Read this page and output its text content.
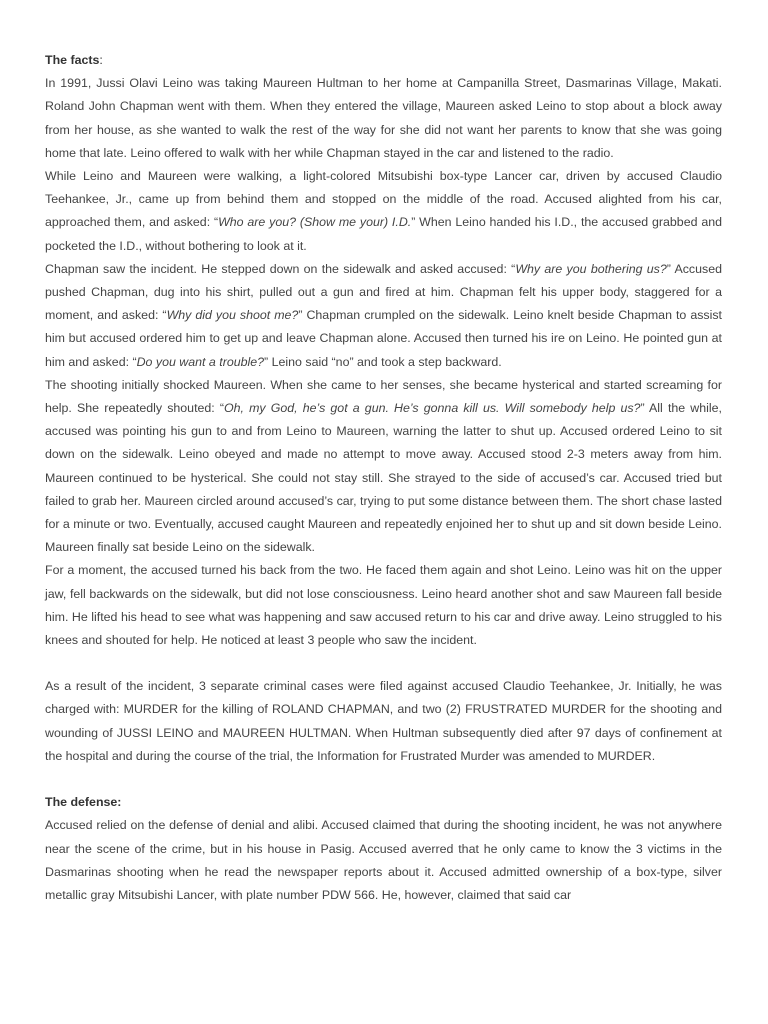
The facts:

In 1991, Jussi Olavi Leino was taking Maureen Hultman to her home at Campanilla Street, Dasmarinas Village, Makati. Roland John Chapman went with them. When they entered the village, Maureen asked Leino to stop about a block away from her house, as she wanted to walk the rest of the way for she did not want her parents to know that she was going home that late. Leino offered to walk with her while Chapman stayed in the car and listened to the radio.

While Leino and Maureen were walking, a light-colored Mitsubishi box-type Lancer car, driven by accused Claudio Teehankee, Jr., came up from behind them and stopped on the middle of the road. Accused alighted from his car, approached them, and asked: “Who are you? (Show me your) I.D.” When Leino handed his I.D., the accused grabbed and pocketed the I.D., without bothering to look at it.

Chapman saw the incident. He stepped down on the sidewalk and asked accused: “Why are you bothering us?” Accused pushed Chapman, dug into his shirt, pulled out a gun and fired at him. Chapman felt his upper body, staggered for a moment, and asked: “Why did you shoot me?” Chapman crumpled on the sidewalk. Leino knelt beside Chapman to assist him but accused ordered him to get up and leave Chapman alone. Accused then turned his ire on Leino. He pointed gun at him and asked: “Do you want a trouble?” Leino said “no” and took a step backward.

The shooting initially shocked Maureen. When she came to her senses, she became hysterical and started screaming for help. She repeatedly shouted: “Oh, my God, he’s got a gun. He’s gonna kill us. Will somebody help us?” All the while, accused was pointing his gun to and from Leino to Maureen, warning the latter to shut up. Accused ordered Leino to sit down on the sidewalk. Leino obeyed and made no attempt to move away. Accused stood 2-3 meters away from him. Maureen continued to be hysterical. She could not stay still. She strayed to the side of accused’s car. Accused tried but failed to grab her. Maureen circled around accused’s car, trying to put some distance between them. The short chase lasted for a minute or two. Eventually, accused caught Maureen and repeatedly enjoined her to shut up and sit down beside Leino. Maureen finally sat beside Leino on the sidewalk.

For a moment, the accused turned his back from the two. He faced them again and shot Leino. Leino was hit on the upper jaw, fell backwards on the sidewalk, but did not lose consciousness. Leino heard another shot and saw Maureen fall beside him. He lifted his head to see what was happening and saw accused return to his car and drive away. Leino struggled to his knees and shouted for help. He noticed at least 3 people who saw the incident.

As a result of the incident, 3 separate criminal cases were filed against accused Claudio Teehankee, Jr. Initially, he was charged with: MURDER for the killing of ROLAND CHAPMAN, and two (2) FRUSTRATED MURDER for the shooting and wounding of JUSSI LEINO and MAUREEN HULTMAN. When Hultman subsequently died after 97 days of confinement at the hospital and during the course of the trial, the Information for Frustrated Murder was amended to MURDER.

The defense:

Accused relied on the defense of denial and alibi. Accused claimed that during the shooting incident, he was not anywhere near the scene of the crime, but in his house in Pasig. Accused averred that he only came to know the 3 victims in the Dasmarinas shooting when he read the newspaper reports about it. Accused admitted ownership of a box-type, silver metallic gray Mitsubishi Lancer, with plate number PDW 566. He, however, claimed that said car
